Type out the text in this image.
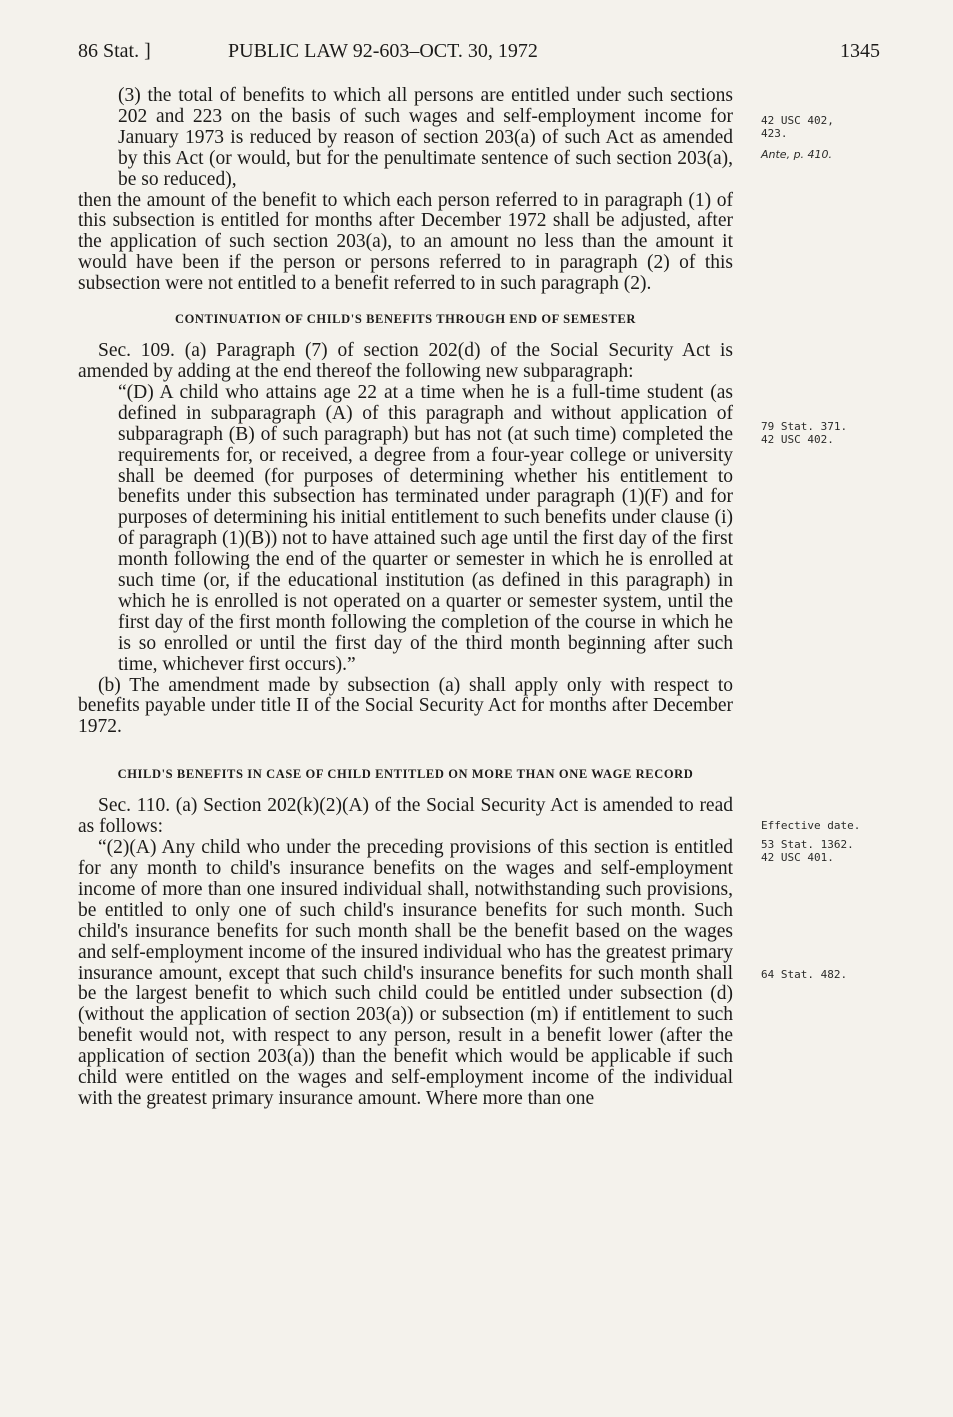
86 Stat. ]	PUBLIC LAW 92-603–OCT. 30, 1972	1345

(3) the total of benefits to which all persons are entitled under such sections 202 and 223 on the basis of such wages and self-employment income for January 1973 is reduced by reason of section 203(a) of such Act as amended by this Act (or would, but for the penultimate sentence of such section 203(a), be so reduced),

then the amount of the benefit to which each person referred to in paragraph (1) of this subsection is entitled for months after December 1972 shall be adjusted, after the application of such section 203(a), to an amount no less than the amount it would have been if the person or persons referred to in paragraph (2) of this subsection were not entitled to a benefit referred to in such paragraph (2).

CONTINUATION OF CHILD'S BENEFITS THROUGH END OF SEMESTER

Sec. 109. (a) Paragraph (7) of section 202(d) of the Social Security Act is amended by adding at the end thereof the following new subparagraph:

“(D) A child who attains age 22 at a time when he is a full-time student (as defined in subparagraph (A) of this paragraph and without application of subparagraph (B) of such paragraph) but has not (at such time) completed the requirements for, or received, a degree from a four-year college or university shall be deemed (for purposes of determining whether his entitlement to benefits under this subsection has terminated under paragraph (1)(F) and for purposes of determining his initial entitlement to such benefits under clause (i) of paragraph (1)(B)) not to have attained such age until the first day of the first month following the end of the quarter or semester in which he is enrolled at such time (or, if the educational institution (as defined in this paragraph) in which he is enrolled is not operated on a quarter or semester system, until the first day of the first month following the completion of the course in which he is so enrolled or until the first day of the third month beginning after such time, whichever first occurs).”

(b) The amendment made by subsection (a) shall apply only with respect to benefits payable under title II of the Social Security Act for months after December 1972.

CHILD'S BENEFITS IN CASE OF CHILD ENTITLED ON MORE THAN ONE WAGE RECORD

Sec. 110. (a) Section 202(k)(2)(A) of the Social Security Act is amended to read as follows:

“(2)(A) Any child who under the preceding provisions of this section is entitled for any month to child's insurance benefits on the wages and self-employment income of more than one insured individual shall, notwithstanding such provisions, be entitled to only one of such child's insurance benefits for such month. Such child's insurance benefits for such month shall be the benefit based on the wages and self-employment income of the insured individual who has the greatest primary insurance amount, except that such child's insurance benefits for such month shall be the largest benefit to which such child could be entitled under subsection (d) (without the application of section 203(a)) or subsection (m) if entitlement to such benefit would not, with respect to any person, result in a benefit lower (after the application of section 203(a)) than the benefit which would be applicable if such child were entitled on the wages and self-employment income of the individual with the greatest primary insurance amount. Where more than one

42 USC 402,
423.
Ante, p. 410.
79 Stat. 371.
42 USC 402.
Effective date.
53 Stat. 1362.
42 USC 401.
64 Stat. 482.
